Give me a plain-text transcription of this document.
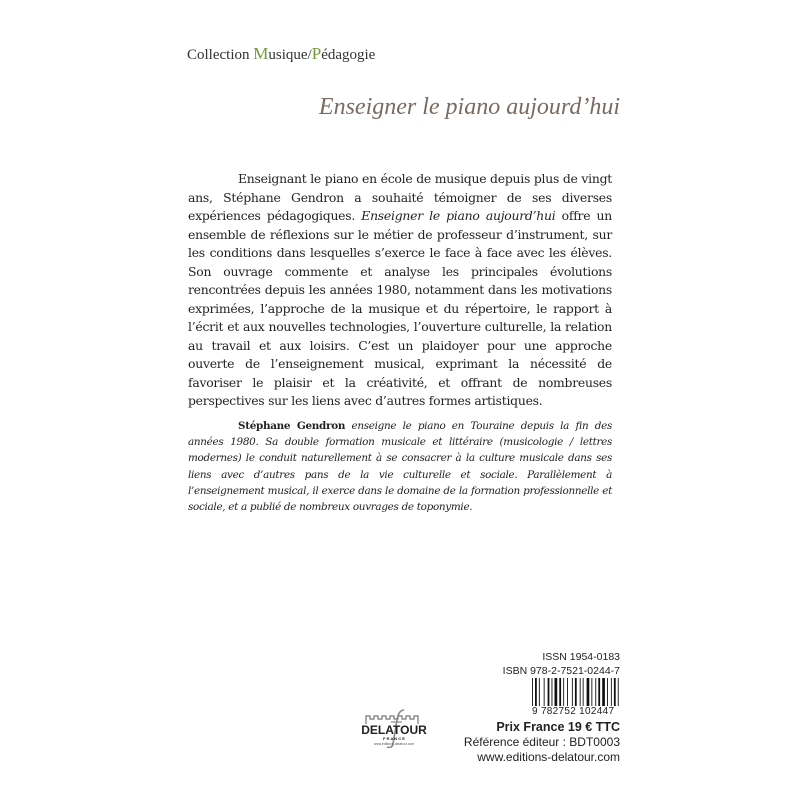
Collection Musique/Pédagogie
Enseigner le piano aujourd’hui
Enseignant le piano en école de musique depuis plus de vingt ans, Stéphane Gendron a souhaité témoigner de ses diverses expériences pédagogiques. Enseigner le piano aujourd’hui offre un ensemble de réflexions sur le métier de professeur d’instrument, sur les conditions dans lesquelles s’exerce le face à face avec les élèves. Son ouvrage commente et analyse les principales évolutions rencontrées depuis les années 1980, notamment dans les motivations exprimées, l’approche de la musique et du répertoire, le rapport à l’écrit et aux nouvelles technologies, l’ouverture culturelle, la relation au travail et aux loisirs. C’est un plaidoyer pour une approche ouverte de l’enseignement musical, exprimant la nécessité de favoriser le plaisir et la créativité, et offrant de nombreuses perspectives sur les liens avec d’autres formes artistiques.
Stéphane Gendron enseigne le piano en Touraine depuis la fin des années 1980. Sa double formation musicale et littéraire (musicologie / lettres modernes) le conduit naturellement à se consacrer à la culture musicale dans ses liens avec d’autres pans de la vie culturelle et sociale. Parallèlement à l’enseignement musical, il exerce dans le domaine de la formation professionnelle et sociale, et a publié de nombreux ouvrages de toponymie.
ISSN 1954-0183
ISBN 978-2-7521-0244-7
9 782752 102447
Prix France 19 € TTC
Référence éditeur : BDT0003
www.editions-delatour.com
DELATOUR
F R A N C E
www.editions-delatour.com
